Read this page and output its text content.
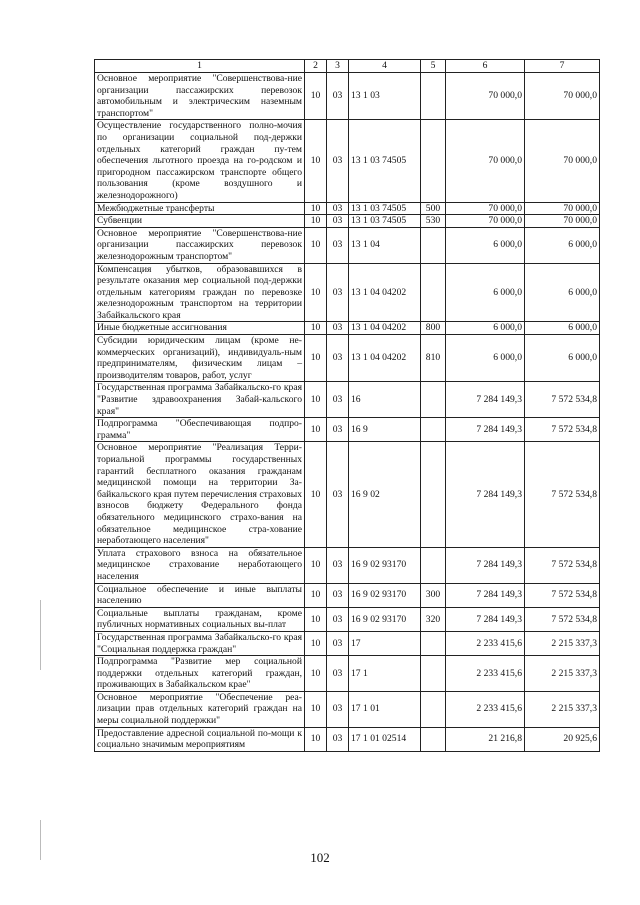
1	2	3	4	5	6	7
Основное мероприятие "Совершенствова-ние организации пассажирских перевозок автомобильным и электрическим наземным транспортом"	10	03	13 1 03		70 000,0	70 000,0
Осуществление государственного полно-мочия по организации социальной под-держки отдельных категорий граждан пу-тем обеспечения льготного проезда на го-родском и пригородном пассажирском транспорте общего пользования (кроме воздушного и железнодорожного)	10	03	13 1 03 74505		70 000,0	70 000,0
Межбюджетные трансферты	10	03	13 1 03 74505	500	70 000,0	70 000,0
Субвенции	10	03	13 1 03 74505	530	70 000,0	70 000,0
Основное мероприятие "Совершенствова-ние организации пассажирских перевозок железнодорожным транспортом"	10	03	13 1 04		6 000,0	6 000,0
Компенсация убытков, образовавшихся в результате оказания мер социальной под-держки отдельным категориям граждан по перевозке железнодорожным транспортом на территории Забайкальского края	10	03	13 1 04 04202		6 000,0	6 000,0
Иные бюджетные ассигнования	10	03	13 1 04 04202	800	6 000,0	6 000,0
Субсидии юридическим лицам (кроме не-коммерческих организаций), индивидуаль-ным предпринимателям, физическим лицам – производителям товаров, работ, услуг	10	03	13 1 04 04202	810	6 000,0	6 000,0
Государственная программа Забайкальско-го края "Развитие здравоохранения Забай-кальского края"	10	03	16		7 284 149,3	7 572 534,8
Подпрограмма "Обеспечивающая подпро-грамма"	10	03	16 9		7 284 149,3	7 572 534,8
Основное мероприятие "Реализация Терри-ториальной программы государственных гарантий бесплатного оказания гражданам медицинской помощи на территории За-байкальского края путем перечисления страховых взносов бюджету Федерального фонда обязательного медицинского страхо-вания на обязательное медицинское стра-хование неработающего населения"	10	03	16 9 02		7 284 149,3	7 572 534,8
Уплата страхового взноса на обязательное медицинское страхование неработающего населения	10	03	16 9 02 93170		7 284 149,3	7 572 534,8
Социальное обеспечение и иные выплаты населению	10	03	16 9 02 93170	300	7 284 149,3	7 572 534,8
Социальные выплаты гражданам, кроме публичных нормативных социальных вы-плат	10	03	16 9 02 93170	320	7 284 149,3	7 572 534,8
Государственная программа Забайкальско-го края "Социальная поддержка граждан"	10	03	17		2 233 415,6	2 215 337,3
Подпрограмма "Развитие мер социальной поддержки отдельных категорий граждан, проживающих в Забайкальском крае"	10	03	17 1		2 233 415,6	2 215 337,3
Основное мероприятие "Обеспечение реа-лизации прав отдельных категорий граждан на меры социальной поддержки"	10	03	17 1 01		2 233 415,6	2 215 337,3
Предоставление адресной социальной по-мощи к социально значимым мероприятиям	10	03	17 1 01 02514		21 216,8	20 925,6
102
